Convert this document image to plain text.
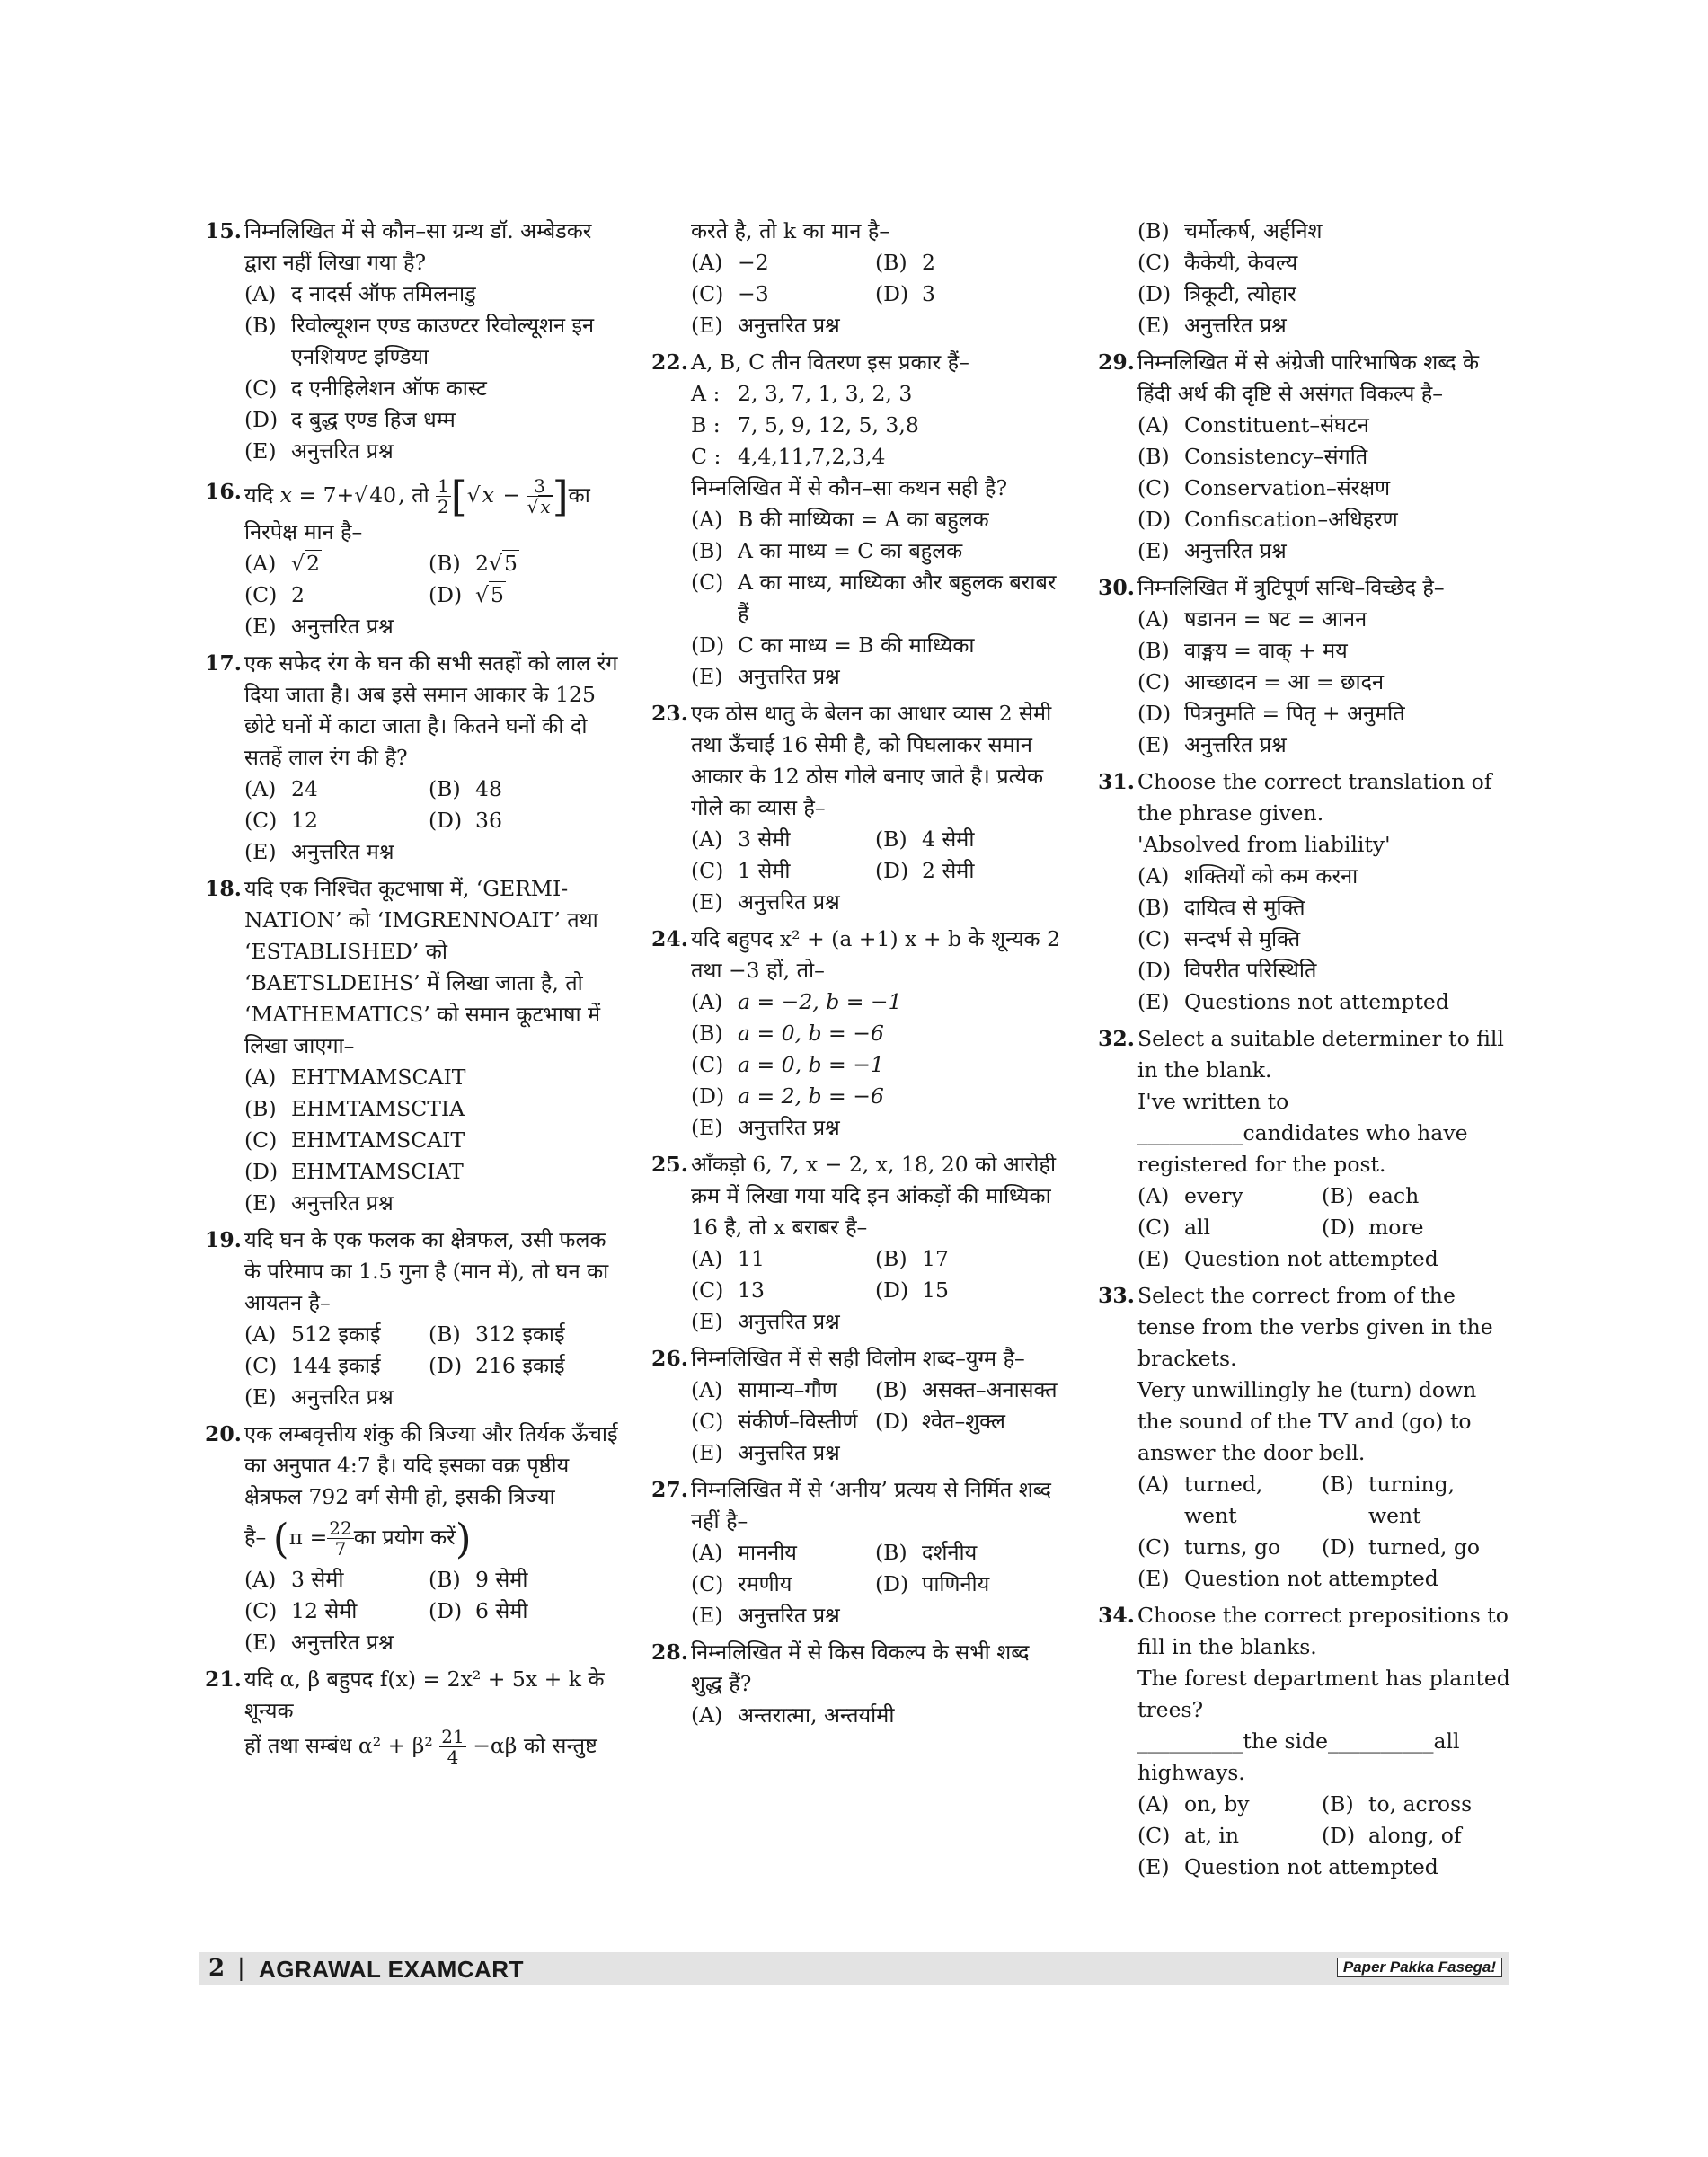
15. निम्नलिखित में से कौन–सा ग्रन्थ डॉ. अम्बेडकर द्वारा नहीं लिखा गया है?
(A) द नादर्स ऑफ तमिलनाडु
(B) रिवोल्यूशन एण्ड काउण्टर रिवोल्यूशन इन एनशियण्ट इण्डिया
(C) द एनीहिलेशन ऑफ कास्ट
(D) द बुद्ध एण्ड हिज धम्म
(E) अनुत्तरित प्रश्न
16. यदि x = 7+√40, तो $\frac{1}{2} [√x - \frac{3}{√ x}$ ]का
निरपेक्ष मान है–
(A) √2	(B) 2√5
(C) 2	(D) √5
(E) अनुत्तरित प्रश्न
17. एक सफेद रंग के घन की सभी सतहों को लाल रंग दिया जाता है। अब इसे समान आकार के 125 छोटे घनों में काटा जाता है। कितने घनों की दो सतहें लाल रंग की है?
(A) 24	(B) 48
(C) 12	(D) 36
(E) अनुत्तरित मश्न
18. यदि एक निश्चित कूटभाषा में, ‘GERMI-NATION’ को ‘IMGRENNOAIT’ तथा ‘ESTABLISHED’ को ‘BAETSLDEIHS’ में लिखा जाता है, तो ‘MATHEMATICS’ को समान कूटभाषा में लिखा जाएगा–
(A) EHTMAMSCAIT
(B) EHMTAMSCTIA
(C) EHMTAMSCAIT
(D) EHMTAMSCIAT
(E) अनुत्तरित प्रश्न
19. यदि घन के एक फलक का क्षेत्रफल, उसी फलक के परिमाप का 1.5 गुना है (मान में), तो घन का आयतन है–
(A) 512 इकाई	(B) 312 इकाई
(C) 144 इकाई	(D) 216 इकाई
(E) अनुत्तरित प्रश्न
20. एक लम्बवृत्तीय शंकु की त्रिज्या और तिर्यक ऊँचाई का अनुपात 4:7 है। यदि इसका वक्र पृष्ठीय क्षेत्रफल 792 वर्ग सेमी हो, इसकी त्रिज्या
है– ($\pi = \frac{22}{7}$ का प्रयोग करें)
(A) 3 सेमी	(B) 9 सेमी
(C) 12 सेमी	(D) 6 सेमी
(E) अनुत्तरित प्रश्न
21. यदि α, β बहुपद f(x) = 2x² + 5x + k के शून्यक
हों तथा सम्बंध $\alpha^2 + \beta^2 \frac{21}{4} -\alpha\beta$ को सन्तुष्ट
करते है, तो k का मान है–
(A) −2	(B) 2
(C) −3	(D) 3
(E) अनुत्तरित प्रश्न
22. A, B, C तीन वितरण इस प्रकार हैं–
A : 2, 3, 7, 1, 3, 2, 3
B : 7, 5, 9, 12, 5, 3,8
C : 4,4,11,7,2,3,4
निम्नलिखित में से कौन–सा कथन सही है?
(A) B की माध्यिका = A का बहुलक
(B) A का माध्य = C का बहुलक
(C) A का माध्य, माध्यिका और बहुलक बराबर हैं
(D) C का माध्य = B की माध्यिका
(E) अनुत्तरित प्रश्न
23. एक ठोस धातु के बेलन का आधार व्यास 2 सेमी तथा ऊँचाई 16 सेमी है, को पिघलाकर समान आकार के 12 ठोस गोले बनाए जाते है। प्रत्येक गोले का व्यास है–
(A) 3 सेमी	(B) 4 सेमी
(C) 1 सेमी	(D) 2 सेमी
(E) अनुत्तरित प्रश्न
24. यदि बहुपद x² + (a +1) x + b के शून्यक 2 तथा −3 हों, तो–
(A) a = −2, b = −1
(B) a = 0, b = −6
(C) a = 0, b = −1
(D) a = 2, b = −6
(E) अनुत्तरित प्रश्न
25. आँकड़ो 6, 7, x − 2, x, 18, 20 को आरोही क्रम में लिखा गया यदि इन आंकड़ों की माध्यिका 16 है, तो x बराबर है–
(A) 11	(B) 17
(C) 13	(D) 15
(E) अनुत्तरित प्रश्न
26. निम्नलिखित में से सही विलोम शब्द–युग्म है–
(A) सामान्य–गौण	(B) असक्त–अनासक्त
(C) संकीर्ण–विस्तीर्ण (D) श्वेत–शुक्ल
(E) अनुत्तरित प्रश्न
27. निम्नलिखित में से ‘अनीय’ प्रत्यय से निर्मित शब्द नहीं है–
(A) माननीय	(B) दर्शनीय
(C) रमणीय	(D) पाणिनीय
(E) अनुत्तरित प्रश्न
28. निम्नलिखित में से किस विकल्प के सभी शब्द शुद्ध हैं?
(A) अन्तरात्मा, अन्तर्यामी
(B) चर्मोत्कर्ष, अर्हनिश
(C) कैकेयी, केवल्य
(D) त्रिकूटी, त्योहार
(E) अनुत्तरित प्रश्न
29. निम्नलिखित में से अंग्रेजी पारिभाषिक शब्द के हिंदी अर्थ की दृष्टि से असंगत विकल्प है–
(A) Constituent–संघटन
(B) Consistency–संगति
(C) Conservation–संरक्षण
(D) Confiscation–अधिहरण
(E) अनुत्तरित प्रश्न
30. निम्नलिखित में त्रुटिपूर्ण सन्धि–विच्छेद है–
(A) षडानन = षट = आनन
(B) वाङ्मय = वाक् + मय
(C) आच्छादन = आ = छादन
(D) पित्रनुमति = पितृ + अनुमति
(E) अनुत्तरित प्रश्न
31. Choose the correct translation of the phrase given.
'Absolved from liability'
(A) शक्तियों को कम करना
(B) दायित्व से मुक्ति
(C) सन्दर्भ से मुक्ति
(D) विपरीत परिस्थिति
(E) Questions not attempted
32. Select a suitable determiner to fill in the blank.
I've written to __________candidates who have registered for the post.
(A) every	(B) each
(C) all	(D) more
(E) Question not attempted
33. Select the correct from of the tense from the verbs given in the brackets.
Very unwillingly he (turn) down the sound of the TV and (go) to answer the door bell.
(A) turned, went
(B) turning, went
(C) turns, go	(D) turned, go
(E) Question not attempted
34. Choose the correct prepositions to fill in the blanks.
The forest department has planted trees?
__________the side__________all
highways.
(A) on, by	(B) to, across
(C) at, in	(D) along, of
(E) Question not attempted
2 | AGRAWAL EXAMCART	Paper Pakka Fasega!
